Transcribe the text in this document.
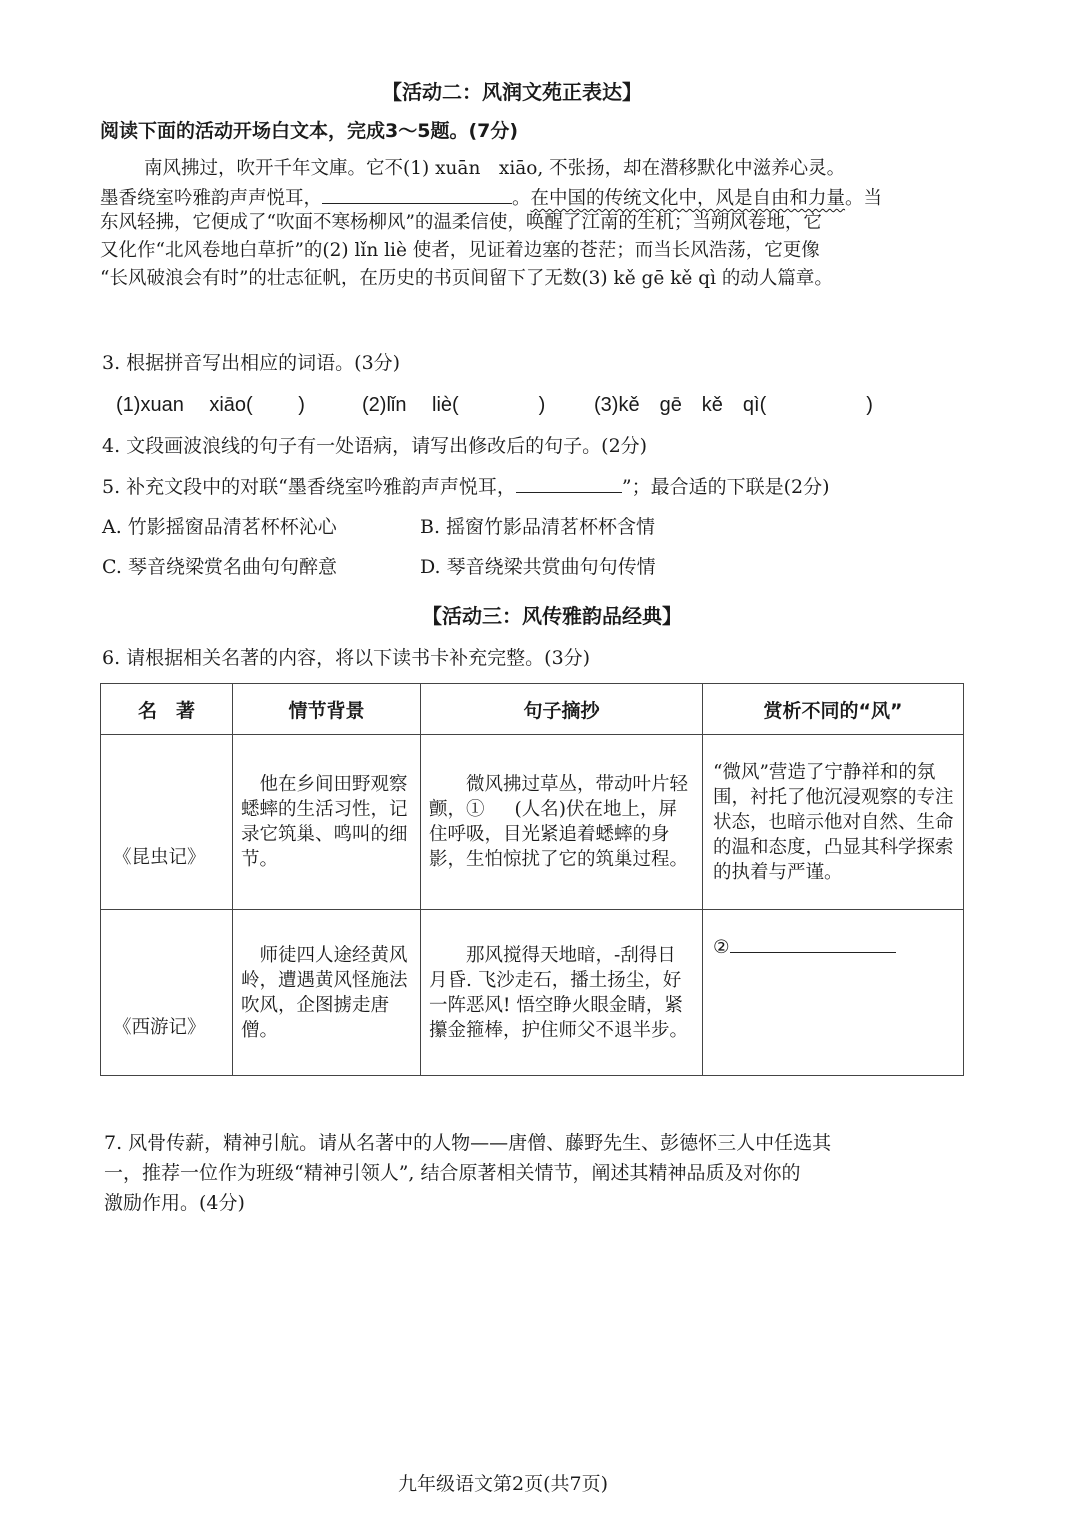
【活动二：风润文苑正表达】
阅读下面的活动开场白文本，完成3～5题。(7分)
南风拂过，吹开千年文庫。它不(1) xuān　xiāo, 不张扬，却在潜移默化中滋养心灵。
墨香绕室吟雅韵声声悦耳，	。在中国的传统文化中，风是自由和力量。当
东风轻拂，它便成了“吹面不寒杨柳风”的温柔信使，唤醒了江南的生机；当朔风卷地，它
又化作“北风卷地白草折”的(2) lǐn liè 使者，见证着边塞的苍茫；而当长风浩荡，它更像
“长风破浪会有时”的壮志征帆，在历史的书页间留下了无数(3) kě gē kě qì 的动人篇章。
3. 根据拼音写出相应的词语。(3分)
(1)xuan　 xiāo(　　 )	(2)lǐn　 liè(　　　　) (3)kě　gē　kě　qì(　　　　　)
4. 文段画波浪线的句子有一处语病，请写出修改后的句子。(2分)
5. 补充文段中的对联“墨香绕室吟雅韵声声悦耳，	”；最合适的下联是(2分)
A. 竹影摇窗品清茗杯杯沁心	B. 摇窗竹影品清茗杯杯含情
C. 琴音绕梁赏名曲句句醉意	D. 琴音绕梁共赏曲句句传情
【活动三：风传雅韵品经典】
6. 请根据相关名著的内容，将以下读书卡补充完整。(3分)
名　著	情节背景	句子摘抄	赏析不同的“风”
《昆虫记》	　他在乡间田野观察蟋蟀的生活习性，记录它筑巢、鸣叫的细节。	　　微风拂过草丛，带动叶片轻颤，① (人名)伏在地上，屏住呼吸，目光紧追着蟋蟀的身影，生怕惊扰了它的筑巢过程。	“微风”营造了宁静祥和的氛围，衬托了他沉浸观察的专注状态，也暗示他对自然、生命的温和态度，凸显其科学探索的执着与严谨。
《西游记》	　师徒四人途经黄风岭，遭遇黄风怪施法吹风，企图掳走唐僧。	　　那风搅得天地暗，-刮得日月昏. 飞沙走石，播土扬尘，好一阵恶风! 悟空睁火眼金睛，紧攥金箍棒，护住师父不退半步。	②
7. 风骨传薪，精神引航。请从名著中的人物——唐僧、藤野先生、彭德怀三人中任选其
一，推荐一位作为班级“精神引领人”, 结合原著相关情节，阐述其精神品质及对你的
激励作用。(4分)
九年级语文第2页(共7页)
